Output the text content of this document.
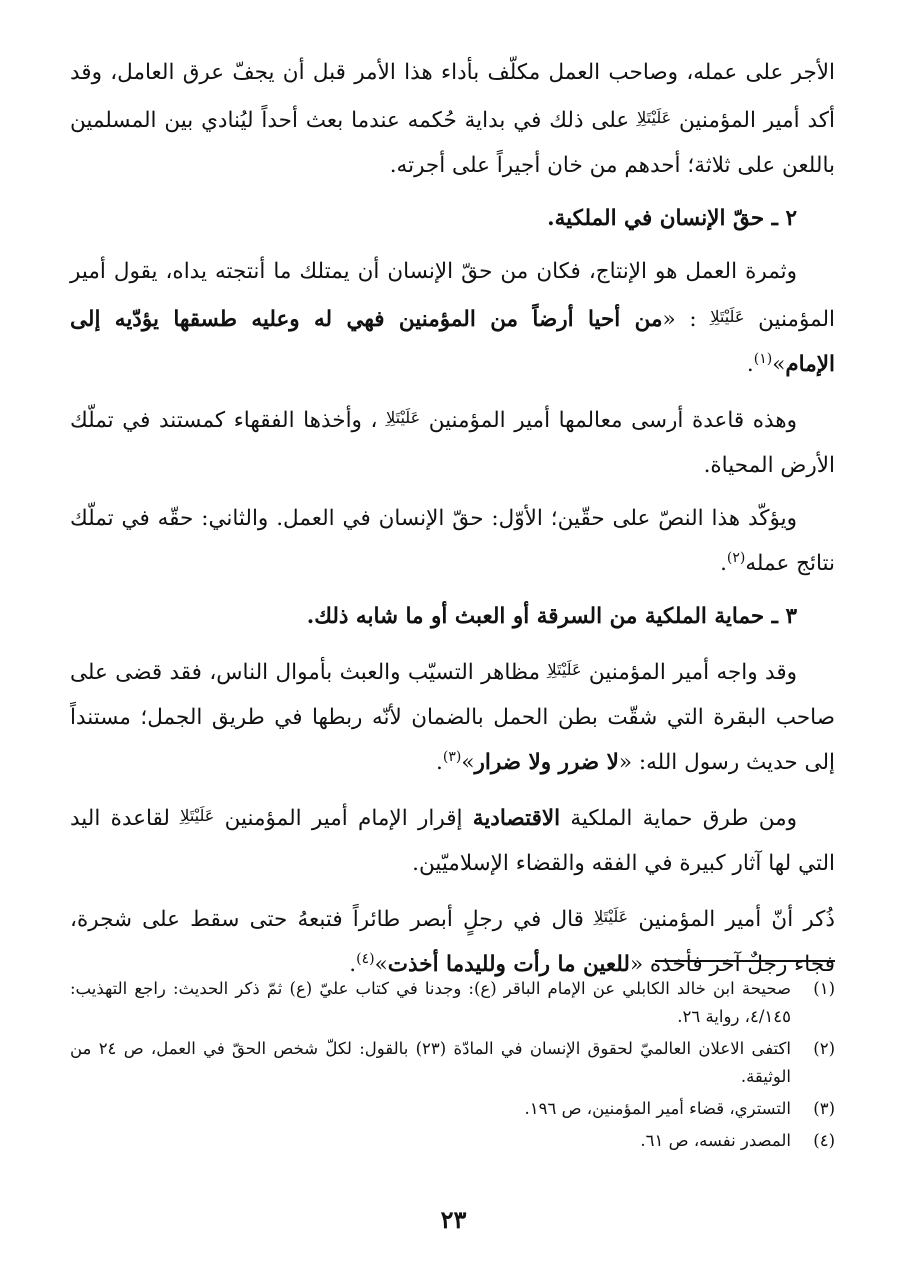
الأجر على عمله، وصاحب العمل مكلّف بأداء هذا الأمر قبل أن يجفّ عرق العامل، وقد أكد أمير المؤمنين عَلَيْتَلِاِ على ذلك في بداية حُكمه عندما بعث أحداً ليُنادي بين المسلمين باللعن على ثلاثة؛ أحدهم من خان أجيراً على أجرته.

٢ ـ حقّ الإنسان في الملكية.

وثمرة العمل هو الإنتاج، فكان من حقّ الإنسان أن يمتلك ما أنتجته يداه، يقول أمير المؤمنين عَلَيْتَلِاِ : «من أحيا أرضاً من المؤمنين فهي له وعليه طسقها يؤدّيه إلى الإمام»$^{(١)}$.

وهذه قاعدة أرسى معالمها أمير المؤمنين عَلَيْتَلِاِ ، وأخذها الفقهاء كمستند في تملّك الأرض المحياة.

ويؤكّد هذا النصّ على حقّين؛ الأوّل: حقّ الإنسان في العمل. والثاني: حقّه في تملّك نتائج عمله$^{(٢)}$.

٣ ـ حماية الملكية من السرقة أو العبث أو ما شابه ذلك.

وقد واجه أمير المؤمنين عَلَيْتَلِاِ مظاهر التسيّب والعبث بأموال الناس، فقد قضى على صاحب البقرة التي شقّت بطن الحمل بالضمان لأنّه ربطها في طريق الجمل؛ مستنداً إلى حديث رسول الله: «لا ضرر ولا ضرار»$^{(٣)}$.

ومن طرق حماية الملكية الاقتصادية إقرار الإمام أمير المؤمنين عَلَيْتَلِاِ لقاعدة اليد التي لها آثار كبيرة في الفقه والقضاء الإسلاميّين.

ذُكر أنّ أمير المؤمنين عَلَيْتَلِاِ قال في رجلٍ أبصر طائراً فتبعهُ حتى سقط على شجرة، فجاء رجلٌ آخر فأخذه «للعين ما رأت ولليدما أخذت»$^{(٤)}$.

(١)
صحيحة ابن خالد الكابلي عن الإمام الباقر (ع): وجدنا في كتاب عليّ (ع) ثمّ ذكر الحديث: راجع التهذيب: ٤/١٤٥، رواية ٢٦.
(٢)
اكتفى الاعلان العالميّ لحقوق الإنسان في المادّة (٢٣) بالقول: لكلّ شخص الحقّ في العمل، ص ٢٤ من الوثيقة.
(٣)
التستري، قضاء أمير المؤمنين، ص ١٩٦.
(٤)
المصدر نفسه، ص ٦١.
٢٣
